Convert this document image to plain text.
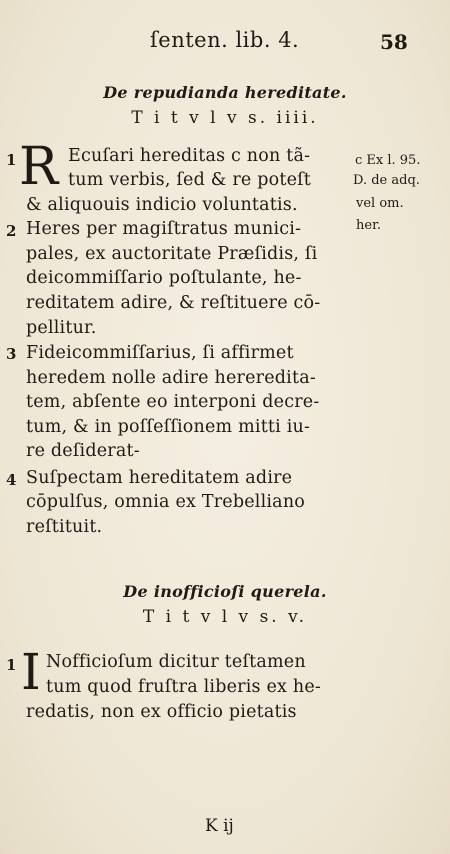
ſenten. lib. 4.	58
De repudianda hereditate.
T i t v l v s. iiii.
1 R Ecuſari hereditas c non tã-
tum verbis, ſed & re poteſt
& aliquouis indicio voluntatis.
c Ex l. 95.
D. de adq.
vel om.
her.
2 Heres per magiſtratus munici-
pales, ex auctoritate Præſidis, ſi
deicommiſſario poſtulante, he-
reditatem adire, & reſtituere cō-
pellitur.
3 Fideicommiſſarius, ſi affirmet
heredem nolle adire hereredita-
tem, abſente eo interponi decre-
tum, & in poſſeſſionem mitti iu-
re deſiderat-
4 Suſpectam hereditatem adire
cōpulſus, omnia ex Trebelliano
reſtituit.
De inofficioſi querela.
T i t v l v s. v.
1 I Nofficioſum dicitur teſtamen
tum quod fruſtra liberis ex he-
redatis, non ex officio pietatis
K ij
